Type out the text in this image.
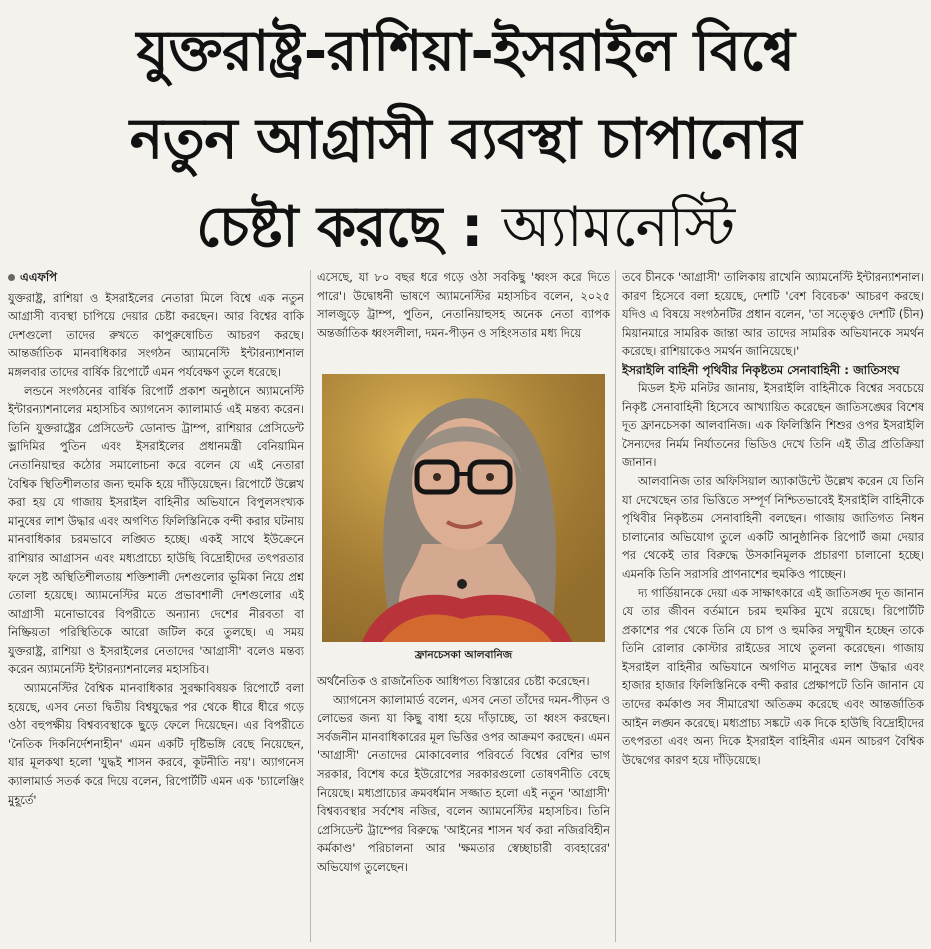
যুক্তরাষ্ট্র-রাশিয়া-ইসরাইল বিশ্বে
নতুন আগ্রাসী ব্যবস্থা চাপানোর
চেষ্টা করছে : অ্যামনেস্টি
এএফপি

যুক্তরাষ্ট্র, রাশিয়া ও ইসরাইলের নেতারা মিলে বিশ্বে এক নতুন আগ্রাসী ব্যবস্থা চাপিয়ে দেয়ার চেষ্টা করছেন। আর বিশ্বের বাকি দেশগুলো তাদের রুখতে কাপুরুষোচিত আচরণ করছে। আন্তর্জাতিক মানবাধিকার সংগঠন অ্যামনেস্টি ইন্টারন্যাশনাল মঙ্গলবার তাদের বার্ষিক রিপোর্টে এমন পর্যবেক্ষণ তুলে ধরেছে।

লন্ডনে সংগঠনের বার্ষিক রিপোর্ট প্রকাশ অনুষ্ঠানে অ্যামনেস্টি ইন্টারন্যাশনালের মহাসচিব অ্যাগনেস ক্যালামার্ড এই মন্তব্য করেন। তিনি যুক্তরাষ্ট্রের প্রেসিডেন্ট ডোনাল্ড ট্রাম্প, রাশিয়ার প্রেসিডেন্ট ভ্লাদিমির পুতিন এবং ইসরাইলের প্রধানমন্ত্রী বেনিয়ামিন নেতানিয়াহুর কঠোর সমালোচনা করে বলেন যে এই নেতারা বৈশ্বিক স্থিতিশীলতার জন্য হুমকি হয়ে দাঁড়িয়েছেন। রিপোর্টে উল্লেখ করা হয় যে গাজায় ইসরাইল বাহিনীর অভিযানে বিপুলসংখ্যক মানুষের লাশ উদ্ধার এবং অগণিত ফিলিস্তিনিকে বন্দী করার ঘটনায় মানবাধিকার চরমভাবে লঙ্ঘিত হচ্ছে। একই সাথে ইউক্রেনে রাশিয়ার আগ্রাসন এবং মধ্যপ্রাচ্যে হাউছি বিদ্রোহীদের তৎপরতার ফলে সৃষ্ট অস্থিতিশীলতায় শক্তিশালী দেশগুলোর ভূমিকা নিয়ে প্রশ্ন তোলা হয়েছে। অ্যামনেস্টির মতে প্রভাবশালী দেশগুলোর এই আগ্রাসী মনোভাবের বিপরীতে অন্যান্য দেশের নীরবতা বা নিষ্ক্রিয়তা পরিস্থিতিকে আরো জটিল করে তুলছে। এ সময় যুক্তরাষ্ট্র, রাশিয়া ও ইসরাইলের নেতাদের 'আগ্রাসী' বলেও মন্তব্য করেন অ্যামনেস্টি ইন্টারন্যাশনালের মহাসচিব।

অ্যামনেস্টির বৈশ্বিক মানবাধিকার সুরক্ষাবিষয়ক রিপোর্টে বলা হয়েছে, এসব নেতা দ্বিতীয় বিশ্বযুদ্ধের পর থেকে ধীরে ধীরে গড়ে ওঠা বহুপক্ষীয় বিশ্বব্যবস্থাকে ছুড়ে ফেলে দিয়েছেন। এর বিপরীতে 'নৈতিক দিকনির্দেশনাহীন' এমন একটি দৃষ্টিভঙ্গি বেছে নিয়েছেন, যার মূলকথা হলো 'যুদ্ধই শাসন করবে, কূটনীতি নয়'। অ্যাগনেস ক্যালামার্ড সতর্ক করে দিয়ে বলেন, রিপোর্টটি এমন এক 'চ্যালেঞ্জিং মুহূর্তে'

এসেছে, যা ৮০ বছর ধরে গড়ে ওঠা সবকিছু 'ধ্বংস করে দিতে পারে'। উদ্বোধনী ভাষণে অ্যামনেস্টির মহাসচিব বলেন, ২০২৫ সালজুড়ে ট্রাম্প, পুতিন, নেতানিয়াহুসহ অনেক নেতা ব্যাপক অন্তর্জাতিক ধ্বংসলীলা, দমন-পীড়ন ও সহিংসতার মধ্য দিয়ে

ফ্রানচেসকা আলবানিজ

অর্থনৈতিক ও রাজনৈতিক আধিপত্য বিস্তারের চেষ্টা করেছেন।

অ্যাগনেস ক্যালামার্ড বলেন, এসব নেতা তাঁদের দমন-পীড়ন ও লোভের জন্য যা কিছু বাধা হয়ে দাঁড়াচ্ছে, তা ধ্বংস করছেন। সর্বজনীন মানবাধিকারের মূল ভিত্তির ওপর আক্রমণ করছেন। এমন 'আগ্রাসী' নেতাদের মোকাবেলার পরিবর্তে বিশ্বের বেশির ভাগ সরকার, বিশেষ করে ইউরোপের সরকারগুলো তোষণনীতি বেছে নিয়েছে। মধ্যপ্রাচ্যের ক্রমবর্ধমান সজ্জাত হলো এই নতুন 'আগ্রাসী' বিশ্বব্যবস্থার সর্বশেষ নজির, বলেন অ্যামনেস্টির মহাসচিব। তিনি প্রেসিডেন্ট ট্রাম্পের বিরুদ্ধে 'আইনের শাসন খর্ব করা নজিরবিহীন কর্মকাণ্ড' পরিচালনা আর 'ক্ষমতার স্বেচ্ছাচারী ব্যবহারের' অভিযোগ তুলেছেন।

তবে চীনকে 'আগ্রাসী' তালিকায় রাখেনি অ্যামনেস্টি ইন্টারন্যাশনাল। কারণ হিসেবে বলা হয়েছে, দেশটি 'বেশ বিবেচক' আচরণ করছে। যদিও এ বিষয়ে সংগঠনটির প্রধান বলেন, 'তা সত্ত্বেও দেশটি (চীন) মিয়ানমারে সামরিক জান্তা আর তাদের সামরিক অভিযানকে সমর্থন করেছে। রাশিয়াকেও সমর্থন জানিয়েছে।'

ইসরাইলি বাহিনী পৃথিবীর নিকৃষ্টতম সেনাবাহিনী : জাতিসংঘ

মিডল ইস্ট মনিটর জানায়, ইসরাইলি বাহিনীকে বিশ্বের সবচেয়ে নিকৃষ্ট সেনাবাহিনী হিসেবে আখ্যায়িত করেছেন জাতিসঙ্ঘের বিশেষ দূত ফ্রানচেসকা আলবানিজ। এক ফিলিস্তিনি শিশুর ওপর ইসরাইলি সৈন্যদের নির্মম নির্যাতনের ভিডিও দেখে তিনি এই তীব্র প্রতিক্রিয়া জানান।

আলবানিজ তার অফিসিয়াল অ্যাকাউন্টে উল্লেখ করেন যে তিনি যা দেখেছেন তার ভিত্তিতে সম্পূর্ণ নিশ্চিতভাবেই ইসরাইলি বাহিনীকে পৃথিবীর নিকৃষ্টতম সেনাবাহিনী বলছেন। গাজায় জাতিগত নিধন চালানোর অভিযোগ তুলে একটি আনুষ্ঠানিক রিপোর্ট জমা দেয়ার পর থেকেই তার বিরুদ্ধে উসকানিমূলক প্রচারণা চালানো হচ্ছে। এমনকি তিনি সরাসরি প্রাণনাশের হুমকিও পাচ্ছেন।

দ্য গার্ডিয়ানকে দেয়া এক সাক্ষাৎকারে এই জাতিসঙ্ঘ দূত জানান যে তার জীবন বর্তমানে চরম হুমকির মুখে রয়েছে। রিপোর্টটি প্রকাশের পর থেকে তিনি যে চাপ ও হুমকির সম্মুখীন হচ্ছেন তাকে তিনি রোলার কোস্টার রাইডের সাথে তুলনা করেছেন। গাজায় ইসরাইল বাহিনীর অভিযানে অগণিত মানুষের লাশ উদ্ধার এবং হাজার হাজার ফিলিস্তিনিকে বন্দী করার প্রেক্ষাপটে তিনি জানান যে তাদের কর্মকাণ্ড সব সীমারেখা অতিক্রম করেছে এবং আন্তর্জাতিক আইন লঙ্ঘন করেছে। মধ্যপ্রাচ্য সঙ্কটে এক দিকে হাউছি বিদ্রোহীদের তৎপরতা এবং অন্য দিকে ইসরাইল বাহিনীর এমন আচরণ বৈশ্বিক উদ্বেগের কারণ হয়ে দাঁড়িয়েছে।
